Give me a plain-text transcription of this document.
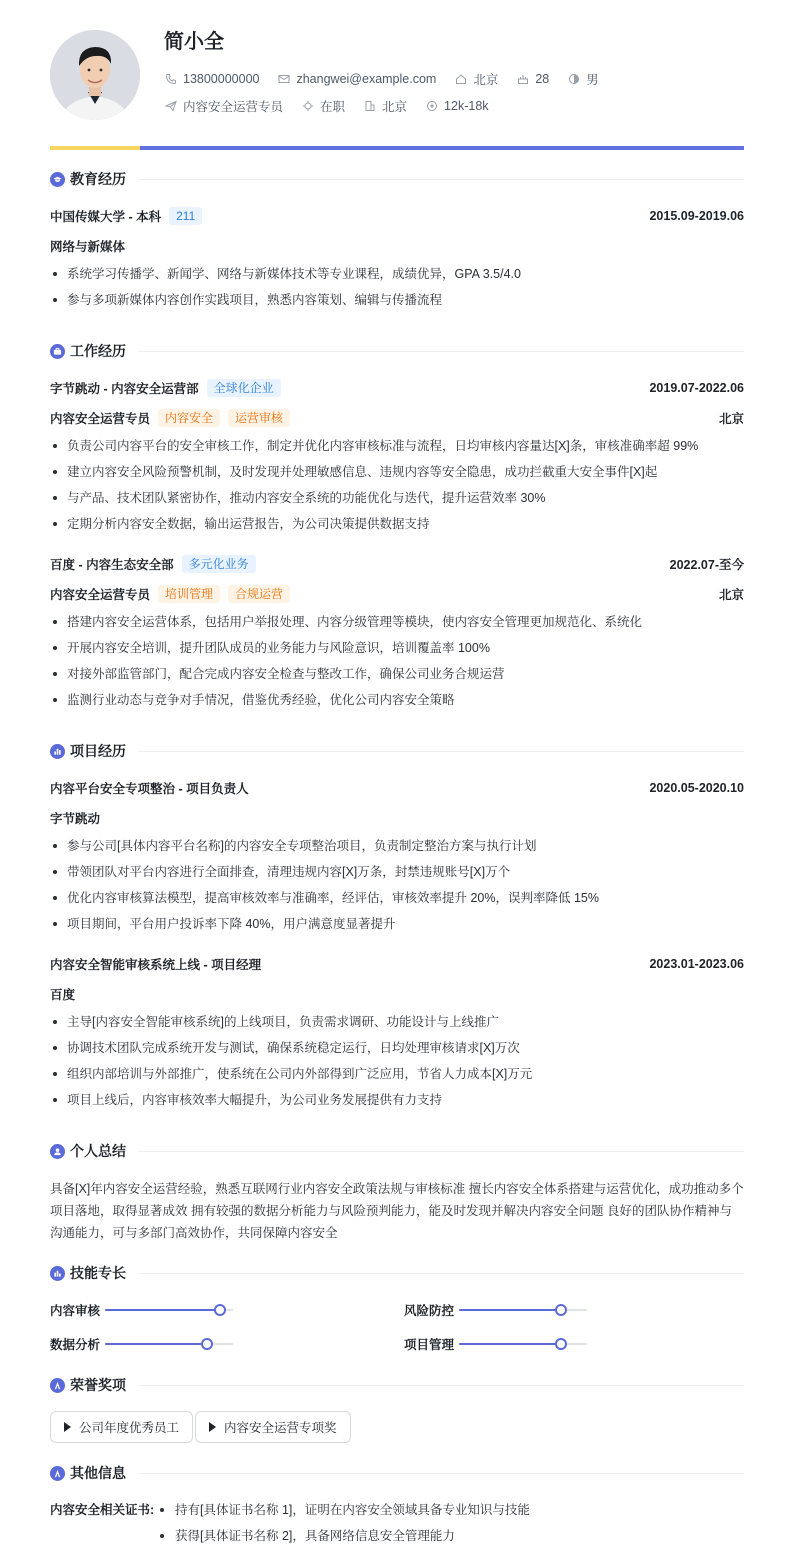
简小全
13800000000	zhangwei@example.com	北京	28	男
内容安全运营专员	在职	北京	12k-18k
教育经历
中国传媒大学 - 本科	211	2015.09-2019.06
网络与新媒体
系统学习传播学、新闻学、网络与新媒体技术等专业课程，成绩优异，GPA 3.5/4.0
参与多项新媒体内容创作实践项目，熟悉内容策划、编辑与传播流程
工作经历
字节跳动 - 内容安全运营部	全球化企业	2019.07-2022.06
内容安全运营专员	内容安全	运营审核	北京
负责公司内容平台的安全审核工作，制定并优化内容审核标准与流程，日均审核内容量达[X]条，审核准确率超 99%
建立内容安全风险预警机制，及时发现并处理敏感信息、违规内容等安全隐患，成功拦截重大安全事件[X]起
与产品、技术团队紧密协作，推动内容安全系统的功能优化与迭代，提升运营效率 30%
定期分析内容安全数据，输出运营报告，为公司决策提供数据支持
百度 - 内容生态安全部	多元化业务	2022.07-至今
内容安全运营专员	培训管理	合规运营	北京
搭建内容安全运营体系，包括用户举报处理、内容分级管理等模块，使内容安全管理更加规范化、系统化
开展内容安全培训，提升团队成员的业务能力与风险意识，培训覆盖率 100%
对接外部监管部门，配合完成内容安全检查与整改工作，确保公司业务合规运营
监测行业动态与竞争对手情况，借鉴优秀经验，优化公司内容安全策略
项目经历
内容平台安全专项整治 - 项目负责人	2020.05-2020.10
字节跳动
参与公司[具体内容平台名称]的内容安全专项整治项目，负责制定整治方案与执行计划
带领团队对平台内容进行全面排查，清理违规内容[X]万条，封禁违规账号[X]万个
优化内容审核算法模型，提高审核效率与准确率，经评估，审核效率提升 20%，误判率降低 15%
项目期间，平台用户投诉率下降 40%，用户满意度显著提升
内容安全智能审核系统上线 - 项目经理	2023.01-2023.06
百度
主导[内容安全智能审核系统]的上线项目，负责需求调研、功能设计与上线推广
协调技术团队完成系统开发与测试，确保系统稳定运行，日均处理审核请求[X]万次
组织内部培训与外部推广，使系统在公司内外部得到广泛应用，节省人力成本[X]万元
项目上线后，内容审核效率大幅提升，为公司业务发展提供有力支持
个人总结
具备[X]年内容安全运营经验，熟悉互联网行业内容安全政策法规与审核标准 擅长内容安全体系搭建与运营优化，成功推动多个项目落地，取得显著成效 拥有较强的数据分析能力与风险预判能力，能及时发现并解决内容安全问题 良好的团队协作精神与沟通能力，可与多部门高效协作，共同保障内容安全
技能专长
内容审核	风险防控
数据分析	项目管理
荣誉奖项
公司年度优秀员工	内容安全运营专项奖
其他信息
内容安全相关证书:	持有[具体证书名称 1]，证明在内容安全领域具备专业知识与技能
获得[具体证书名称 2]，具备网络信息安全管理能力
